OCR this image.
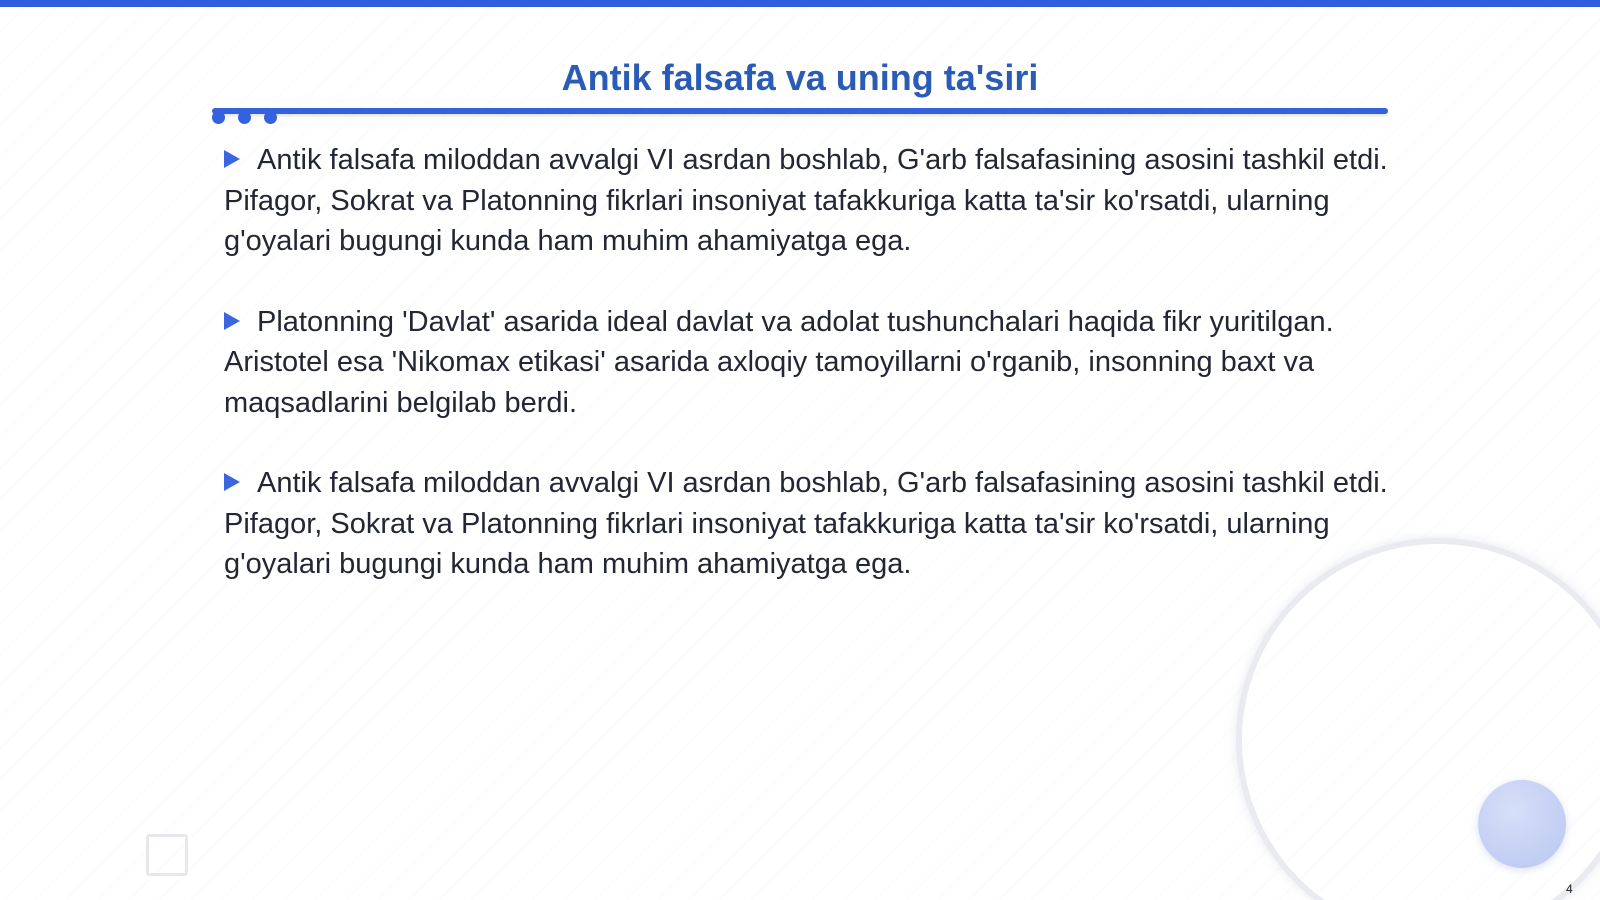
Antik falsafa va uning ta'siri

Antik falsafa miloddan avvalgi VI asrdan boshlab, G'arb falsafasining asosini tashkil etdi. Pifagor, Sokrat va Platonning fikrlari insoniyat tafakkuriga katta ta'sir ko'rsatdi, ularning g'oyalari bugungi kunda ham muhim ahamiyatga ega.

Platonning 'Davlat' asarida ideal davlat va adolat tushunchalari haqida fikr yuritilgan. Aristotel esa 'Nikomax etikasi' asarida axloqiy tamoyillarni o'rganib, insonning baxt va maqsadlarini belgilab berdi.

Antik falsafa miloddan avvalgi VI asrdan boshlab, G'arb falsafasining asosini tashkil etdi. Pifagor, Sokrat va Platonning fikrlari insoniyat tafakkuriga katta ta'sir ko'rsatdi, ularning g'oyalari bugungi kunda ham muhim ahamiyatga ega.

4
